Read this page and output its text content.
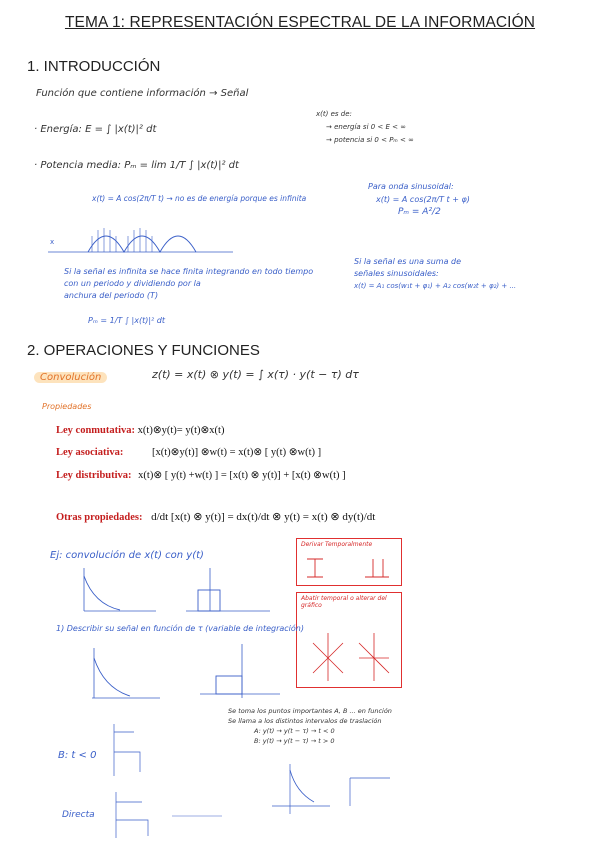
TEMA 1: REPRESENTACIÓN ESPECTRAL DE LA INFORMACIÓN
1. INTRODUCCIÓN
Función que contiene información → Señal
· Energía: E = ∫ |x(t)|² dt
· Potencia media: Pₘ = lim 1/T ∫ |x(t)|² dt
x(t) es de:
→ energía si 0 < E < ∞
→ potencia si 0 < Pₘ < ∞
x(t) = A cos(2π/T t) → no es de energía porque es infinita
Para onda sinusoidal:
x(t) = A cos(2π/T t + φ)
Pₘ = A²/2
x
Si la señal es infinita se hace finita integrando en todo tiempo
con un periodo y dividiendo por la
anchura del periodo (T)
Pₘ = 1/T ∫ |x(t)|² dt
Si la señal es una suma de
señales sinusoidales:
x(t) = A₁ cos(w₁t + φ₁) + A₂ cos(w₂t + φ₂) + ...
2. OPERACIONES Y FUNCIONES
Convolución	z(t) = x(t) ⊗ y(t) = ∫ x(τ) · y(t − τ) dτ
Propiedades
Ley conmutativa: x(t)⊗y(t)= y(t)⊗x(t)
Ley asociativa:	[x(t)⊗y(t)] ⊗w(t) = x(t)⊗ [ y(t) ⊗w(t) ]
Ley distributiva: x(t)⊗ [ y(t) +w(t) ] = [x(t) ⊗ y(t)] + [x(t) ⊗w(t) ]
Otras propiedades: d/dt [x(t) ⊗ y(t)] = dx(t)/dt ⊗ y(t) = x(t) ⊗ dy(t)/dt
Ej: convolución de x(t) con y(t)
Derivar Temporalmente
Abatir temporal o alterar del gráfico
1) Describir su señal en función de τ (variable de integración)
Se toma los puntos importantes A, B ... en función
Se llama a los distintos intervalos de traslación
A: y(t) → y(t − τ) → t < 0
B: y(t) → y(t − τ) → t > 0
B: t < 0
Directa
